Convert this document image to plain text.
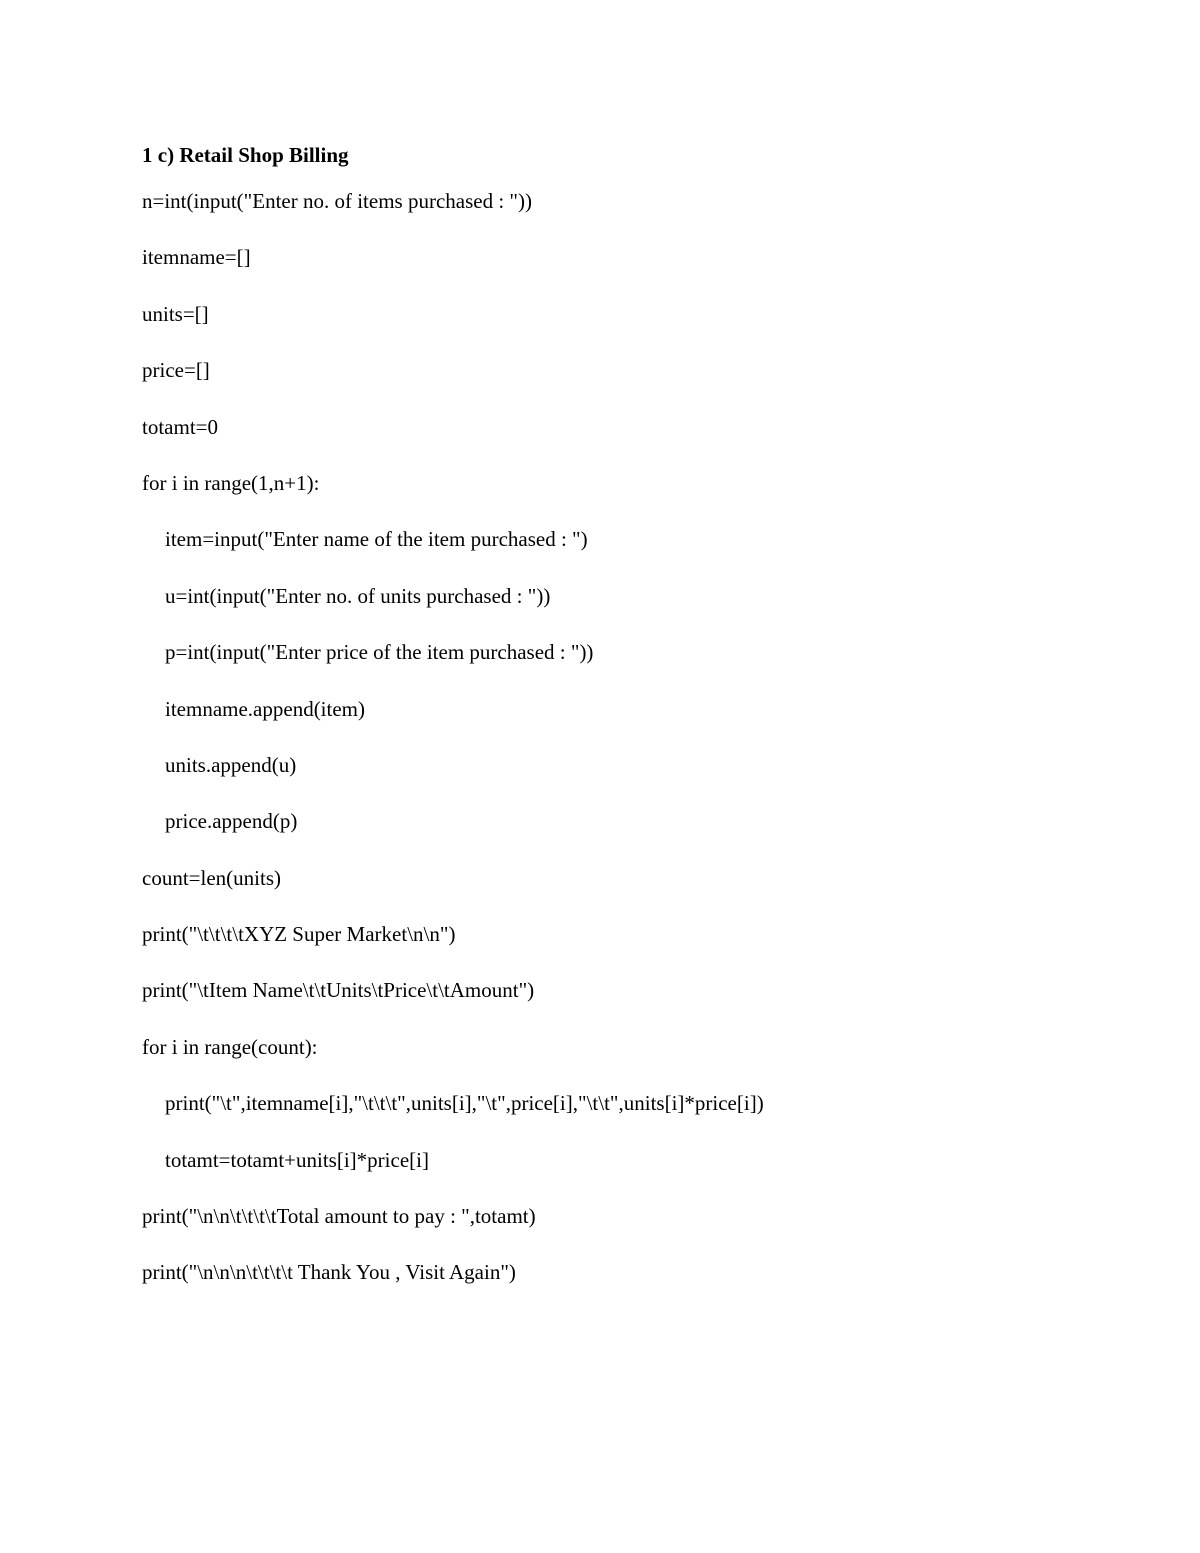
1 c) Retail Shop Billing
n=int(input("Enter no. of items purchased : "))
itemname=[]
units=[]
price=[]
totamt=0
for i in range(1,n+1):
item=input("Enter name of the item purchased : ")
u=int(input("Enter no. of units purchased : "))
p=int(input("Enter price of the item purchased : "))
itemname.append(item)
units.append(u)
price.append(p)
count=len(units)
print("\t\t\t\tXYZ Super Market\n\n")
print("\tItem Name\t\tUnits\tPrice\t\tAmount")
for i in range(count):
print("\t",itemname[i],"\t\t\t",units[i],"\t",price[i],"\t\t",units[i]*price[i])
totamt=totamt+units[i]*price[i]
print("\n\n\t\t\t\tTotal amount to pay : ",totamt)
print("\n\n\n\t\t\t\t Thank You , Visit Again")
